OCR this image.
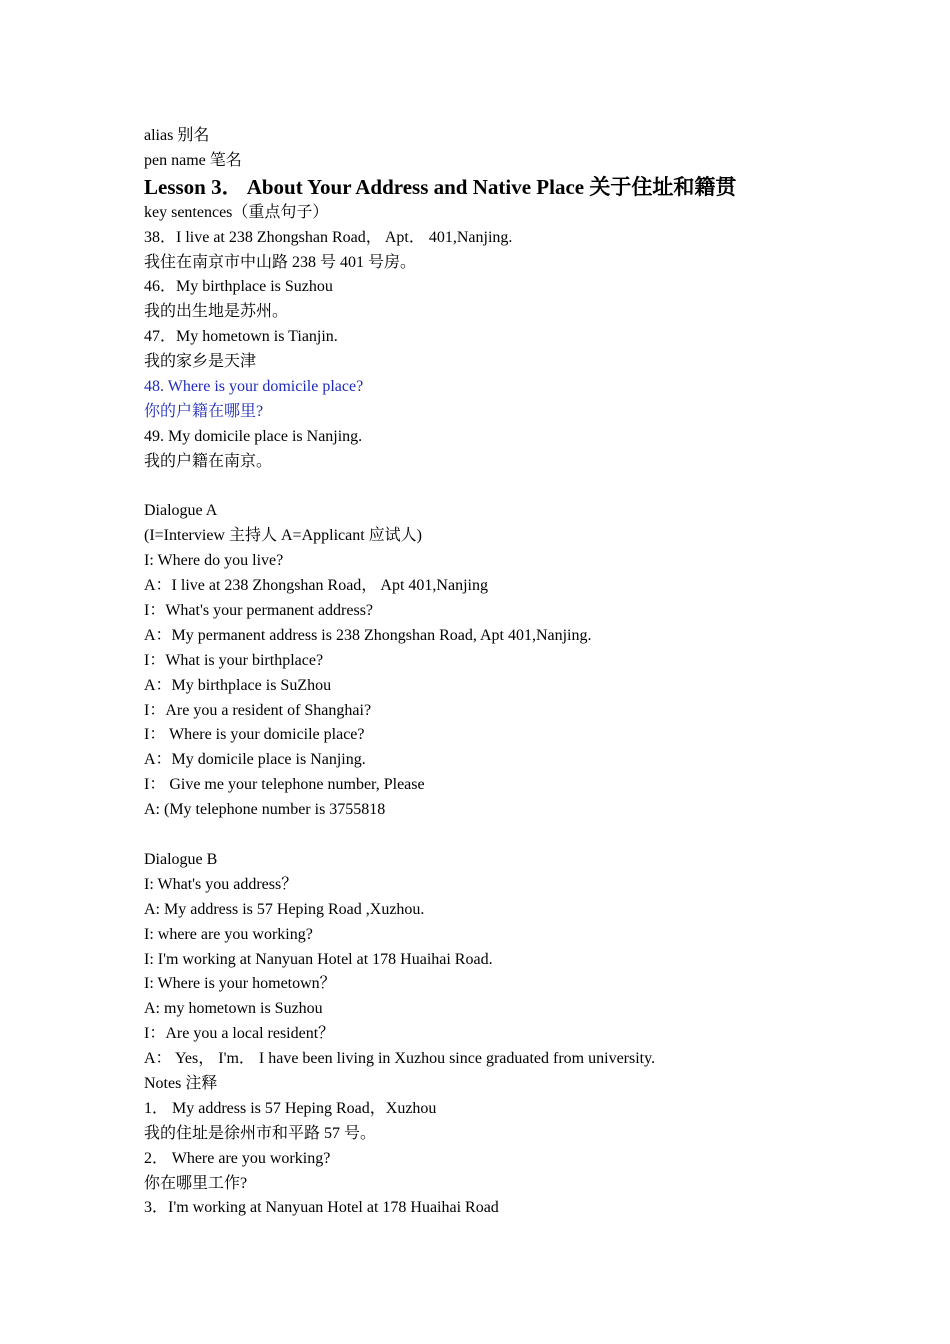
alias 别名
pen name 笔名
Lesson 3． About Your Address and Native Place 关于住址和籍贯
key sentences（重点句子）
38．I live at 238 Zhongshan Road， Apt． 401,Nanjing.
我住在南京市中山路 238 号 401 号房。
46．My birthplace is Suzhou
我的出生地是苏州。
47．My hometown is Tianjin.
我的家乡是天津
48. Where is your domicile place?
你的户籍在哪里?
49. My domicile place is Nanjing.
我的户籍在南京。
Dialogue A
(I=Interview 主持人 A=Applicant 应试人)
I: Where do you live?
A：I live at 238 Zhongshan Road， Apt 401,Nanjing
I：What's your permanent address?
A：My permanent address is 238 Zhongshan Road, Apt 401,Nanjing.
I：What is your birthplace?
A：My birthplace is SuZhou
I：Are you a resident of Shanghai?
I： Where is your domicile place?
A：My domicile place is Nanjing.
I： Give me your telephone number, Please
A: (My telephone number is 3755818
Dialogue B
I: What's you address？
A: My address is 57 Heping Road ,Xuzhou.
I: where are you working?
I: I'm working at Nanyuan Hotel at 178 Huaihai Road.
I: Where is your hometown？
A: my hometown is Suzhou
I：Are you a local resident？
A： Yes， I'm． I have been living in Xuzhou since graduated from university.
Notes 注释
1． My address is 57 Heping Road，Xuzhou
我的住址是徐州市和平路 57 号。
2． Where are you working?
你在哪里工作?
3．I'm working at Nanyuan Hotel at 178 Huaihai Road
